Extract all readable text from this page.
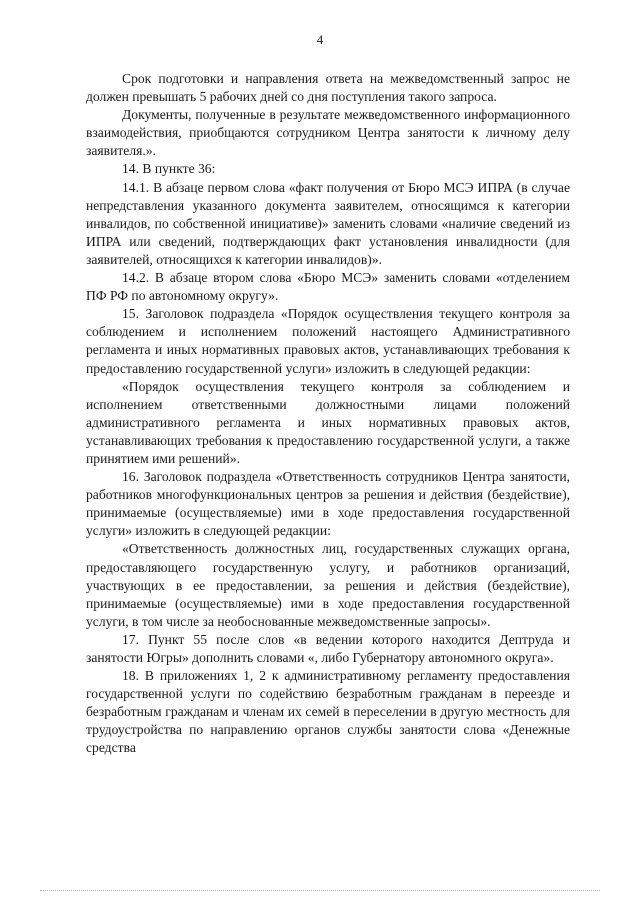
4

Срок подготовки и направления ответа на межведомственный запрос не должен превышать 5 рабочих дней со дня поступления такого запроса.

Документы, полученные в результате межведомственного информационного взаимодействия, приобщаются сотрудником Центра занятости к личному делу заявителя.».

14. В пункте 36:

14.1. В абзаце первом слова «факт получения от Бюро МСЭ ИПРА (в случае непредставления указанного документа заявителем, относящимся к категории инвалидов, по собственной инициативе)» заменить словами «наличие сведений из ИПРА или сведений, подтверждающих факт установления инвалидности (для заявителей, относящихся к категории инвалидов)».

14.2. В абзаце втором слова «Бюро МСЭ» заменить словами «отделением ПФ РФ по автономному округу».

15. Заголовок подраздела «Порядок осуществления текущего контроля за соблюдением и исполнением положений настоящего Административного регламента и иных нормативных правовых актов, устанавливающих требования к предоставлению государственной услуги» изложить в следующей редакции:

«Порядок осуществления текущего контроля за соблюдением и исполнением ответственными должностными лицами положений административного регламента и иных нормативных правовых актов, устанавливающих требования к предоставлению государственной услуги, а также принятием ими решений».

16. Заголовок подраздела «Ответственность сотрудников Центра занятости, работников многофункциональных центров за решения и действия (бездействие), принимаемые (осуществляемые) ими в ходе предоставления государственной услуги» изложить в следующей редакции:

«Ответственность должностных лиц, государственных служащих органа, предоставляющего государственную услугу, и работников организаций, участвующих в ее предоставлении, за решения и действия (бездействие), принимаемые (осуществляемые) ими в ходе предоставления государственной услуги, в том числе за необоснованные межведомственные запросы».

17. Пункт 55 после слов «в ведении которого находится Дептруда и занятости Югры» дополнить словами «, либо Губернатору автономного округа».

18. В приложениях 1, 2 к административному регламенту предоставления государственной услуги по содействию безработным гражданам в переезде и безработным гражданам и членам их семей в переселении в другую местность для трудоустройства по направлению органов службы занятости слова «Денежные средства
